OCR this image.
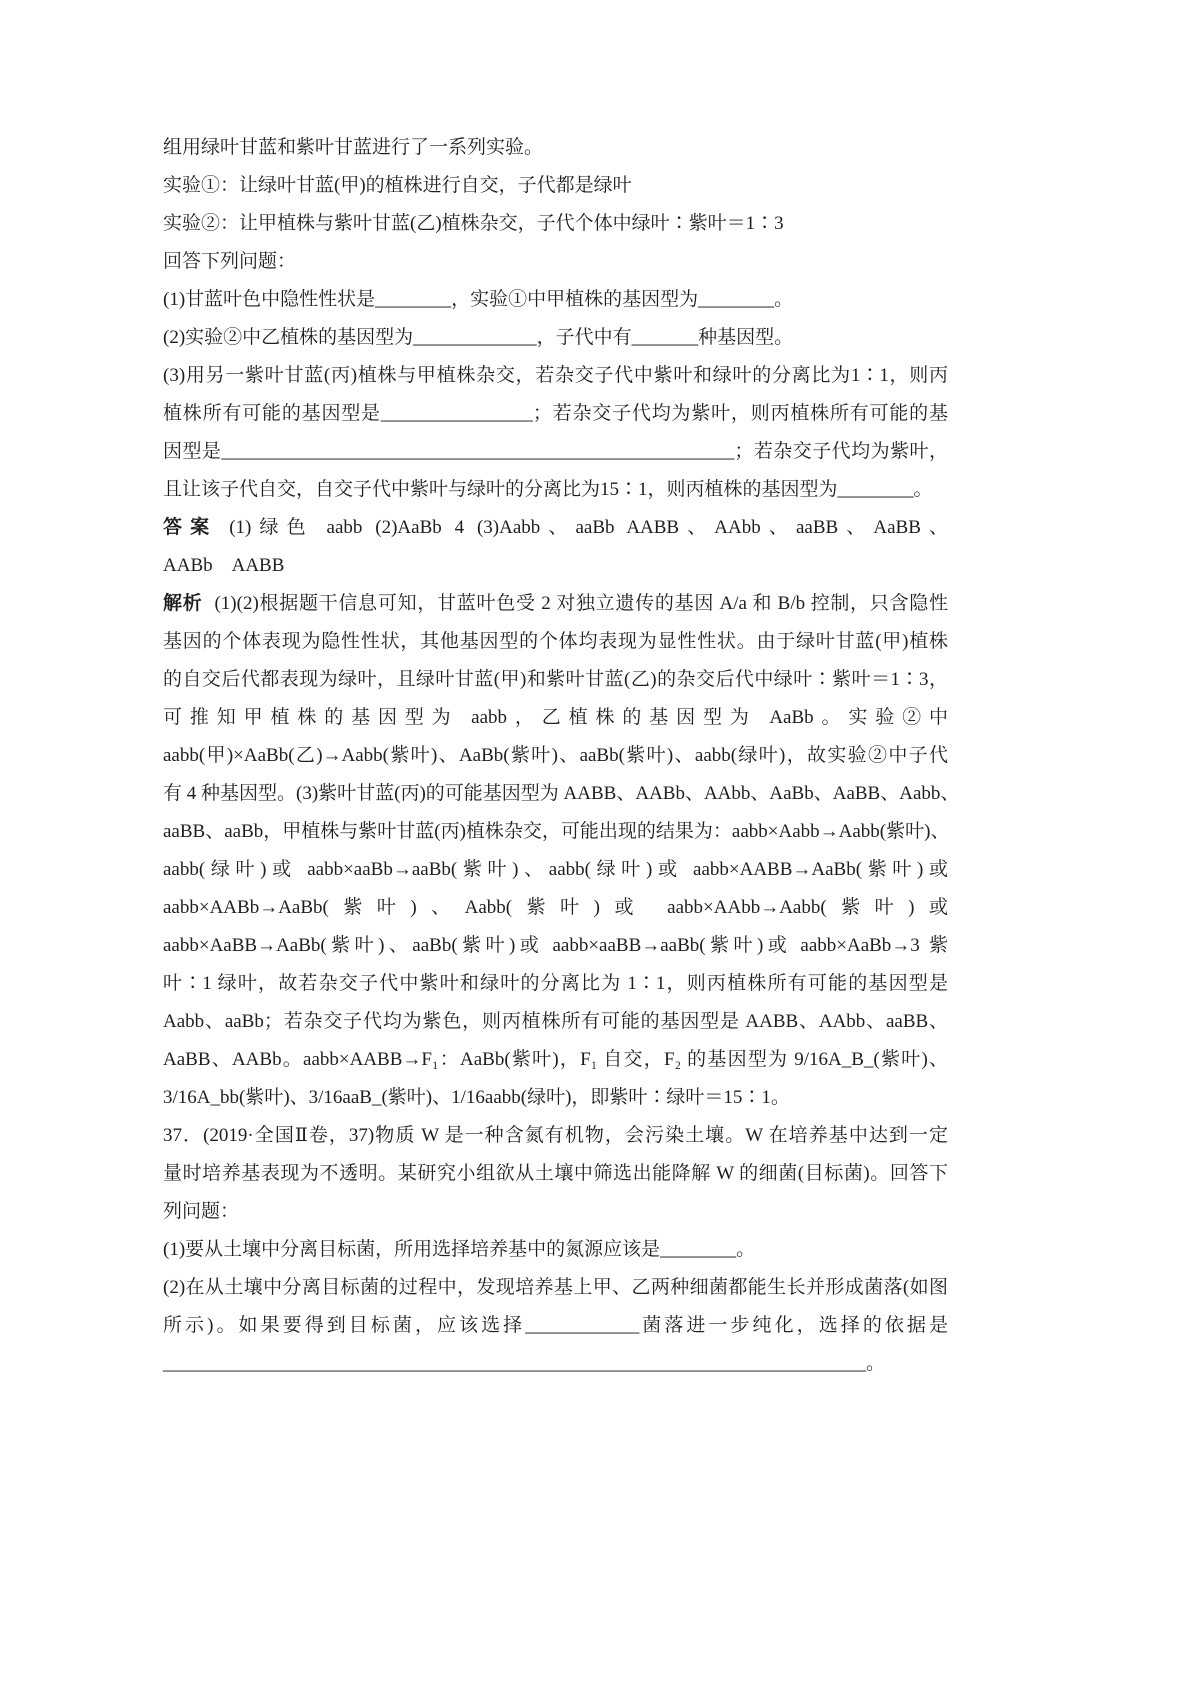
组用绿叶甘蓝和紫叶甘蓝进行了一系列实验。
实验①：让绿叶甘蓝(甲)的植株进行自交，子代都是绿叶
实验②：让甲植株与紫叶甘蓝(乙)植株杂交，子代个体中绿叶∶紫叶＝1∶3
回答下列问题：
(1)甘蓝叶色中隐性性状是________，实验①中甲植株的基因型为________。
(2)实验②中乙植株的基因型为_____________，子代中有_______种基因型。
(3)用另一紫叶甘蓝(丙)植株与甲植株杂交，若杂交子代中紫叶和绿叶的分离比为1∶1，则丙
植株所有可能的基因型是________________；若杂交子代均为紫叶，则丙植株所有可能的基
因型是______________________________________________________；若杂交子代均为紫叶，
且让该子代自交，自交子代中紫叶与绿叶的分离比为15∶1，则丙植株的基因型为________。
答案 (1)绿色 aabb (2)AaBb 4 (3)Aabb、aaBb AABB、AAbb、aaBB、AaBB、
AABb　AABB
解析 (1)(2)根据题干信息可知，甘蓝叶色受 2 对独立遗传的基因 A/a 和 B/b 控制，只含隐性
基因的个体表现为隐性性状，其他基因型的个体均表现为显性性状。由于绿叶甘蓝(甲)植株
的自交后代都表现为绿叶，且绿叶甘蓝(甲)和紫叶甘蓝(乙)的杂交后代中绿叶∶紫叶＝1∶3，
可推知甲植株的基因型为 aabb，乙植株的基因型为 AaBb。实验②中
aabb(甲)×AaBb(乙)→Aabb(紫叶)、AaBb(紫叶)、aaBb(紫叶)、aabb(绿叶)，故实验②中子代
有 4 种基因型。(3)紫叶甘蓝(丙)的可能基因型为 AABB、AABb、AAbb、AaBb、AaBB、Aabb、
aaBB、aaBb，甲植株与紫叶甘蓝(丙)植株杂交，可能出现的结果为：aabb×Aabb→Aabb(紫叶)、
aabb(绿叶)或 aabb×aaBb→aaBb(紫叶)、aabb(绿叶)或 aabb×AABB→AaBb(紫叶)或
aabb×AABb→AaBb(紫叶)、Aabb(紫叶)或 aabb×AAbb→Aabb(紫叶)或
aabb×AaBB→AaBb(紫叶)、aaBb(紫叶)或 aabb×aaBB→aaBb(紫叶)或 aabb×AaBb→3 紫
叶∶1 绿叶，故若杂交子代中紫叶和绿叶的分离比为 1∶1，则丙植株所有可能的基因型是
Aabb、aaBb；若杂交子代均为紫色，则丙植株所有可能的基因型是 AABB、AAbb、aaBB、
AaBB、AABb。aabb×AABB→F₁：AaBb(紫叶)，F₁ 自交，F₂ 的基因型为 9/16A_B_(紫叶)、
3/16A_bb(紫叶)、3/16aaB_(紫叶)、1/16aabb(绿叶)，即紫叶∶绿叶＝15∶1。
37．(2019·全国Ⅱ卷，37)物质 W 是一种含氮有机物，会污染土壤。W 在培养基中达到一定
量时培养基表现为不透明。某研究小组欲从土壤中筛选出能降解 W 的细菌(目标菌)。回答下
列问题：
(1)要从土壤中分离目标菌，所用选择培养基中的氮源应该是________。
(2)在从土壤中分离目标菌的过程中，发现培养基上甲、乙两种细菌都能生长并形成菌落(如图
所示)。如果要得到目标菌，应该选择____________菌落进一步纯化，选择的依据是
__________________________________________________________________________。
